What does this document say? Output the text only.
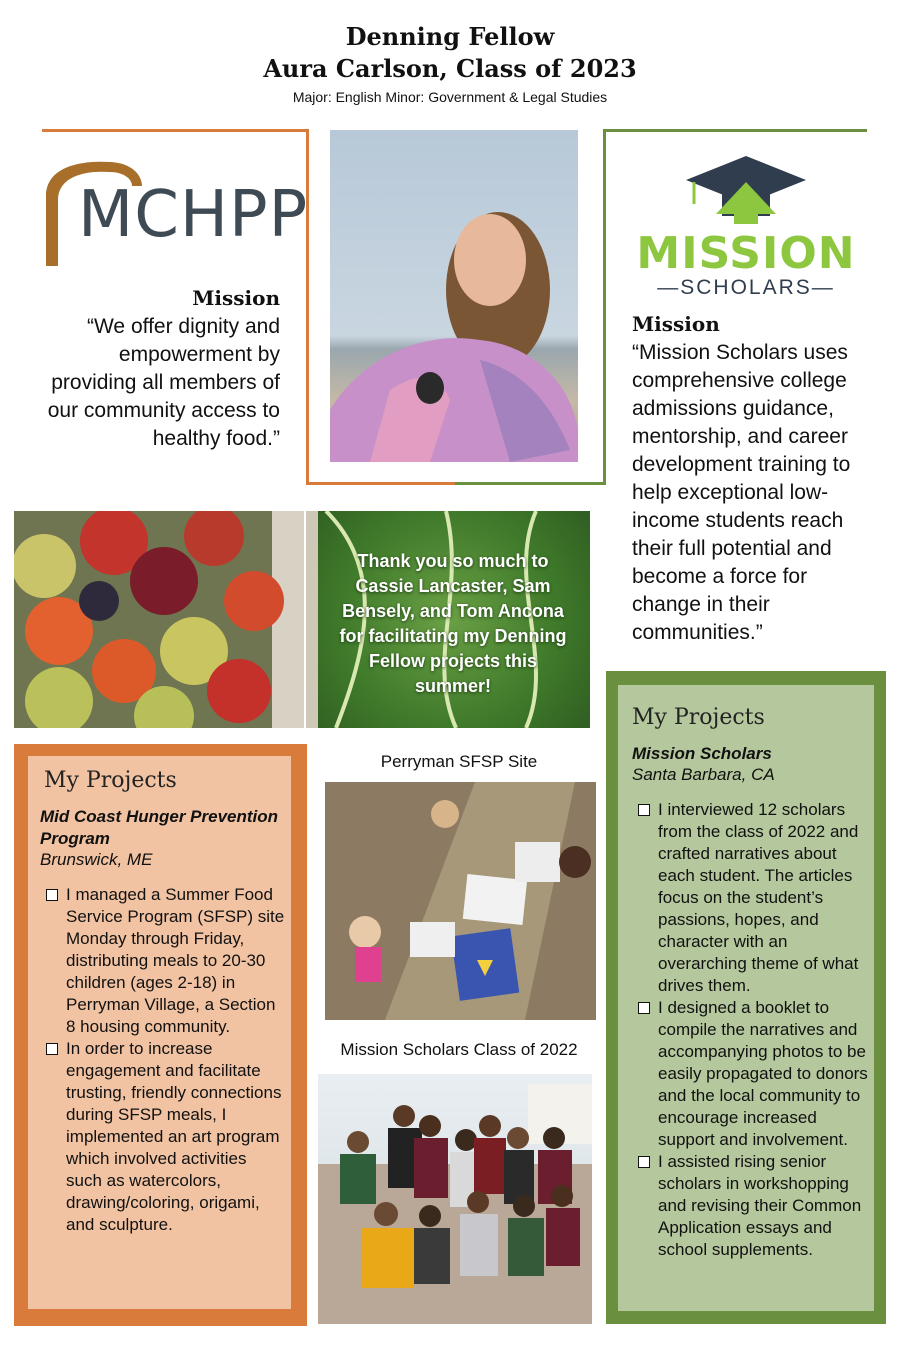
Denning Fellow
Aura Carlson, Class of 2023
Major: English Minor: Government & Legal Studies
MCHPP
Mission
“We offer dignity and empowerment by providing all members of our community access to healthy food.”
MISSION
—SCHOLARS—
Mission
“Mission Scholars uses comprehensive college admissions guidance, mentorship, and career development training to help exceptional low-income students reach their full potential and become a force for change in their communities.”
Thank you so much to Cassie Lancaster, Sam Bensely, and Tom Ancona for facilitating my Denning Fellow projects this summer!
My Projects
Mid Coast Hunger Prevention Program
Brunswick, ME
I managed a Summer Food Service Program (SFSP) site Monday through Friday, distributing meals to 20-30 children (ages 2-18) in Perryman Village, a Section 8 housing community.
In order to increase engagement and facilitate trusting, friendly connections during SFSP meals, I implemented an art program which involved activities such as watercolors, drawing/coloring, origami, and sculpture.
Perryman SFSP Site
Mission Scholars Class of 2022
My Projects
Mission Scholars
Santa Barbara, CA
I interviewed 12 scholars from the class of 2022 and crafted narratives about each student. The articles focus on the student’s passions, hopes, and character with an overarching theme of what drives them.
I designed a booklet to compile the narratives and accompanying photos to be easily propagated to donors and the local community to encourage increased support and involvement.
I assisted rising senior scholars in workshopping and revising their Common Application essays and school supplements.
